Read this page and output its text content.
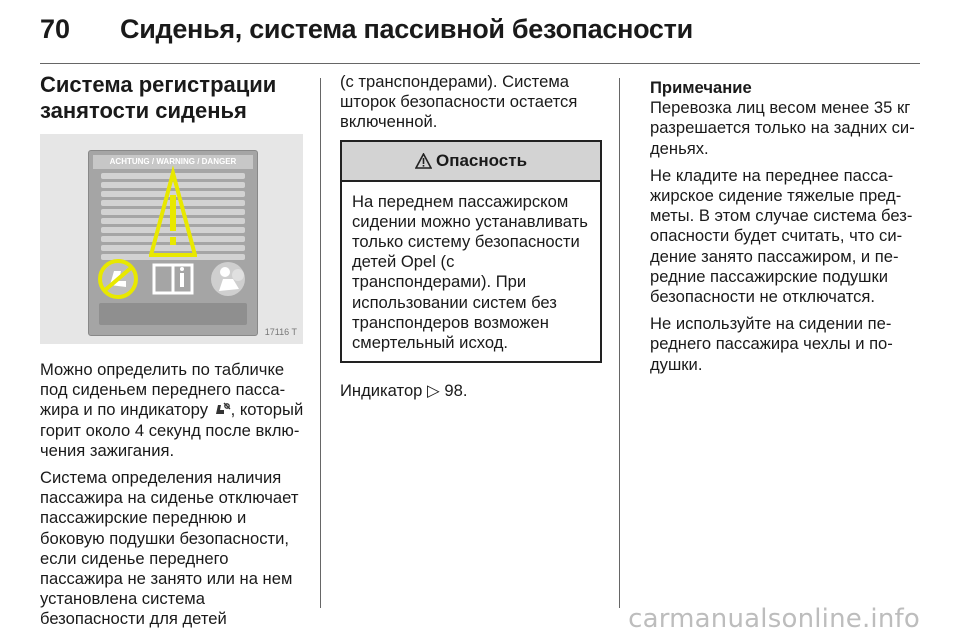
70	Сиденья, система пассивной безопасности
Система регистрации
занятости сиденья
ACHTUNG / WARNING / DANGER
17116 T

Можно определить по табличке под сиденьем переднего пассажира и по индикатору , который горит около 4 секунд после включения зажигания.

Система определения наличия пассажира на сиденье отключает пассажирские переднюю и боковую подушки безопасности, если сиденье переднего пассажира не занято или на нем установлена система безопасности для детей

(с транспондерами). Система шторок безопасности остается включенной.

Опасность
На переднем пассажирском сидении можно устанавливать только систему безопасности детей Opel (с транспондерами). При использовании систем без транспондеров возможен смертельный исход.

Индикатор ▷ 98.

Примечание

Перевозка лиц весом менее 35 кг разрешается только на задних сиденьях.

Не кладите на переднее пассажирское сидение тяжелые предметы. В этом случае система безопасности будет считать, что сидение занято пассажиром, и передние пассажирские подушки безопасности не отключатся.

Не используйте на сидении переднего пассажира чехлы и подушки.

carmanualsonline.info
